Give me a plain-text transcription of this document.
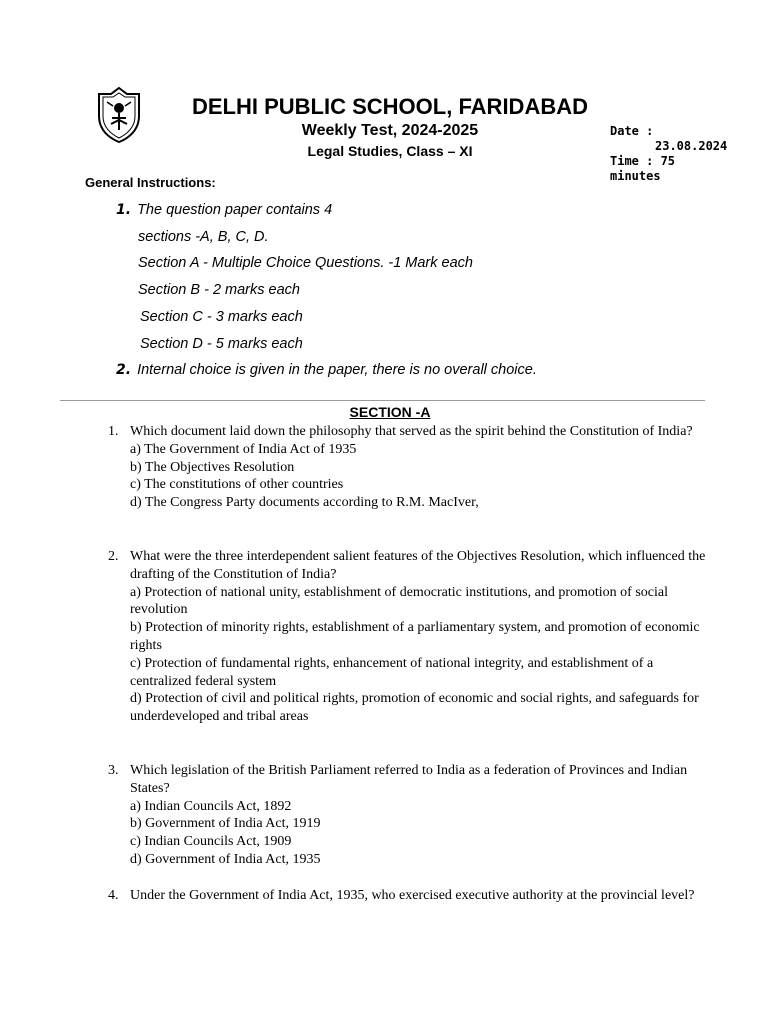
DELHI PUBLIC SCHOOL, FARIDABAD
Weekly Test, 2024-2025
Legal Studies, Class – XI
Date :
23.08.2024
Time : 75
minutes
General Instructions:
1. The question paper contains 4
sections -A, B, C, D.
Section A - Multiple Choice Questions. -1 Mark each
Section B - 2 marks each
Section C - 3 marks each
Section D - 5 marks each
2. Internal choice is given in the paper, there is no overall choice.
SECTION -A
1. Which document laid down the philosophy that served as the spirit behind the Constitution of India?
a) The Government of India Act of 1935
b) The Objectives Resolution
c) The constitutions of other countries
d) The Congress Party documents according to R.M. MacIver,
2. What were the three interdependent salient features of the Objectives Resolution, which influenced the drafting of the Constitution of India?
a) Protection of national unity, establishment of democratic institutions, and promotion of social revolution
b) Protection of minority rights, establishment of a parliamentary system, and promotion of economic rights
c) Protection of fundamental rights, enhancement of national integrity, and establishment of a centralized federal system
d) Protection of civil and political rights, promotion of economic and social rights, and safeguards for underdeveloped and tribal areas
3. Which legislation of the British Parliament referred to India as a federation of Provinces and Indian States?
a) Indian Councils Act, 1892
b) Government of India Act, 1919
c) Indian Councils Act, 1909
d) Government of India Act, 1935
4. Under the Government of India Act, 1935, who exercised executive authority at the provincial level?
